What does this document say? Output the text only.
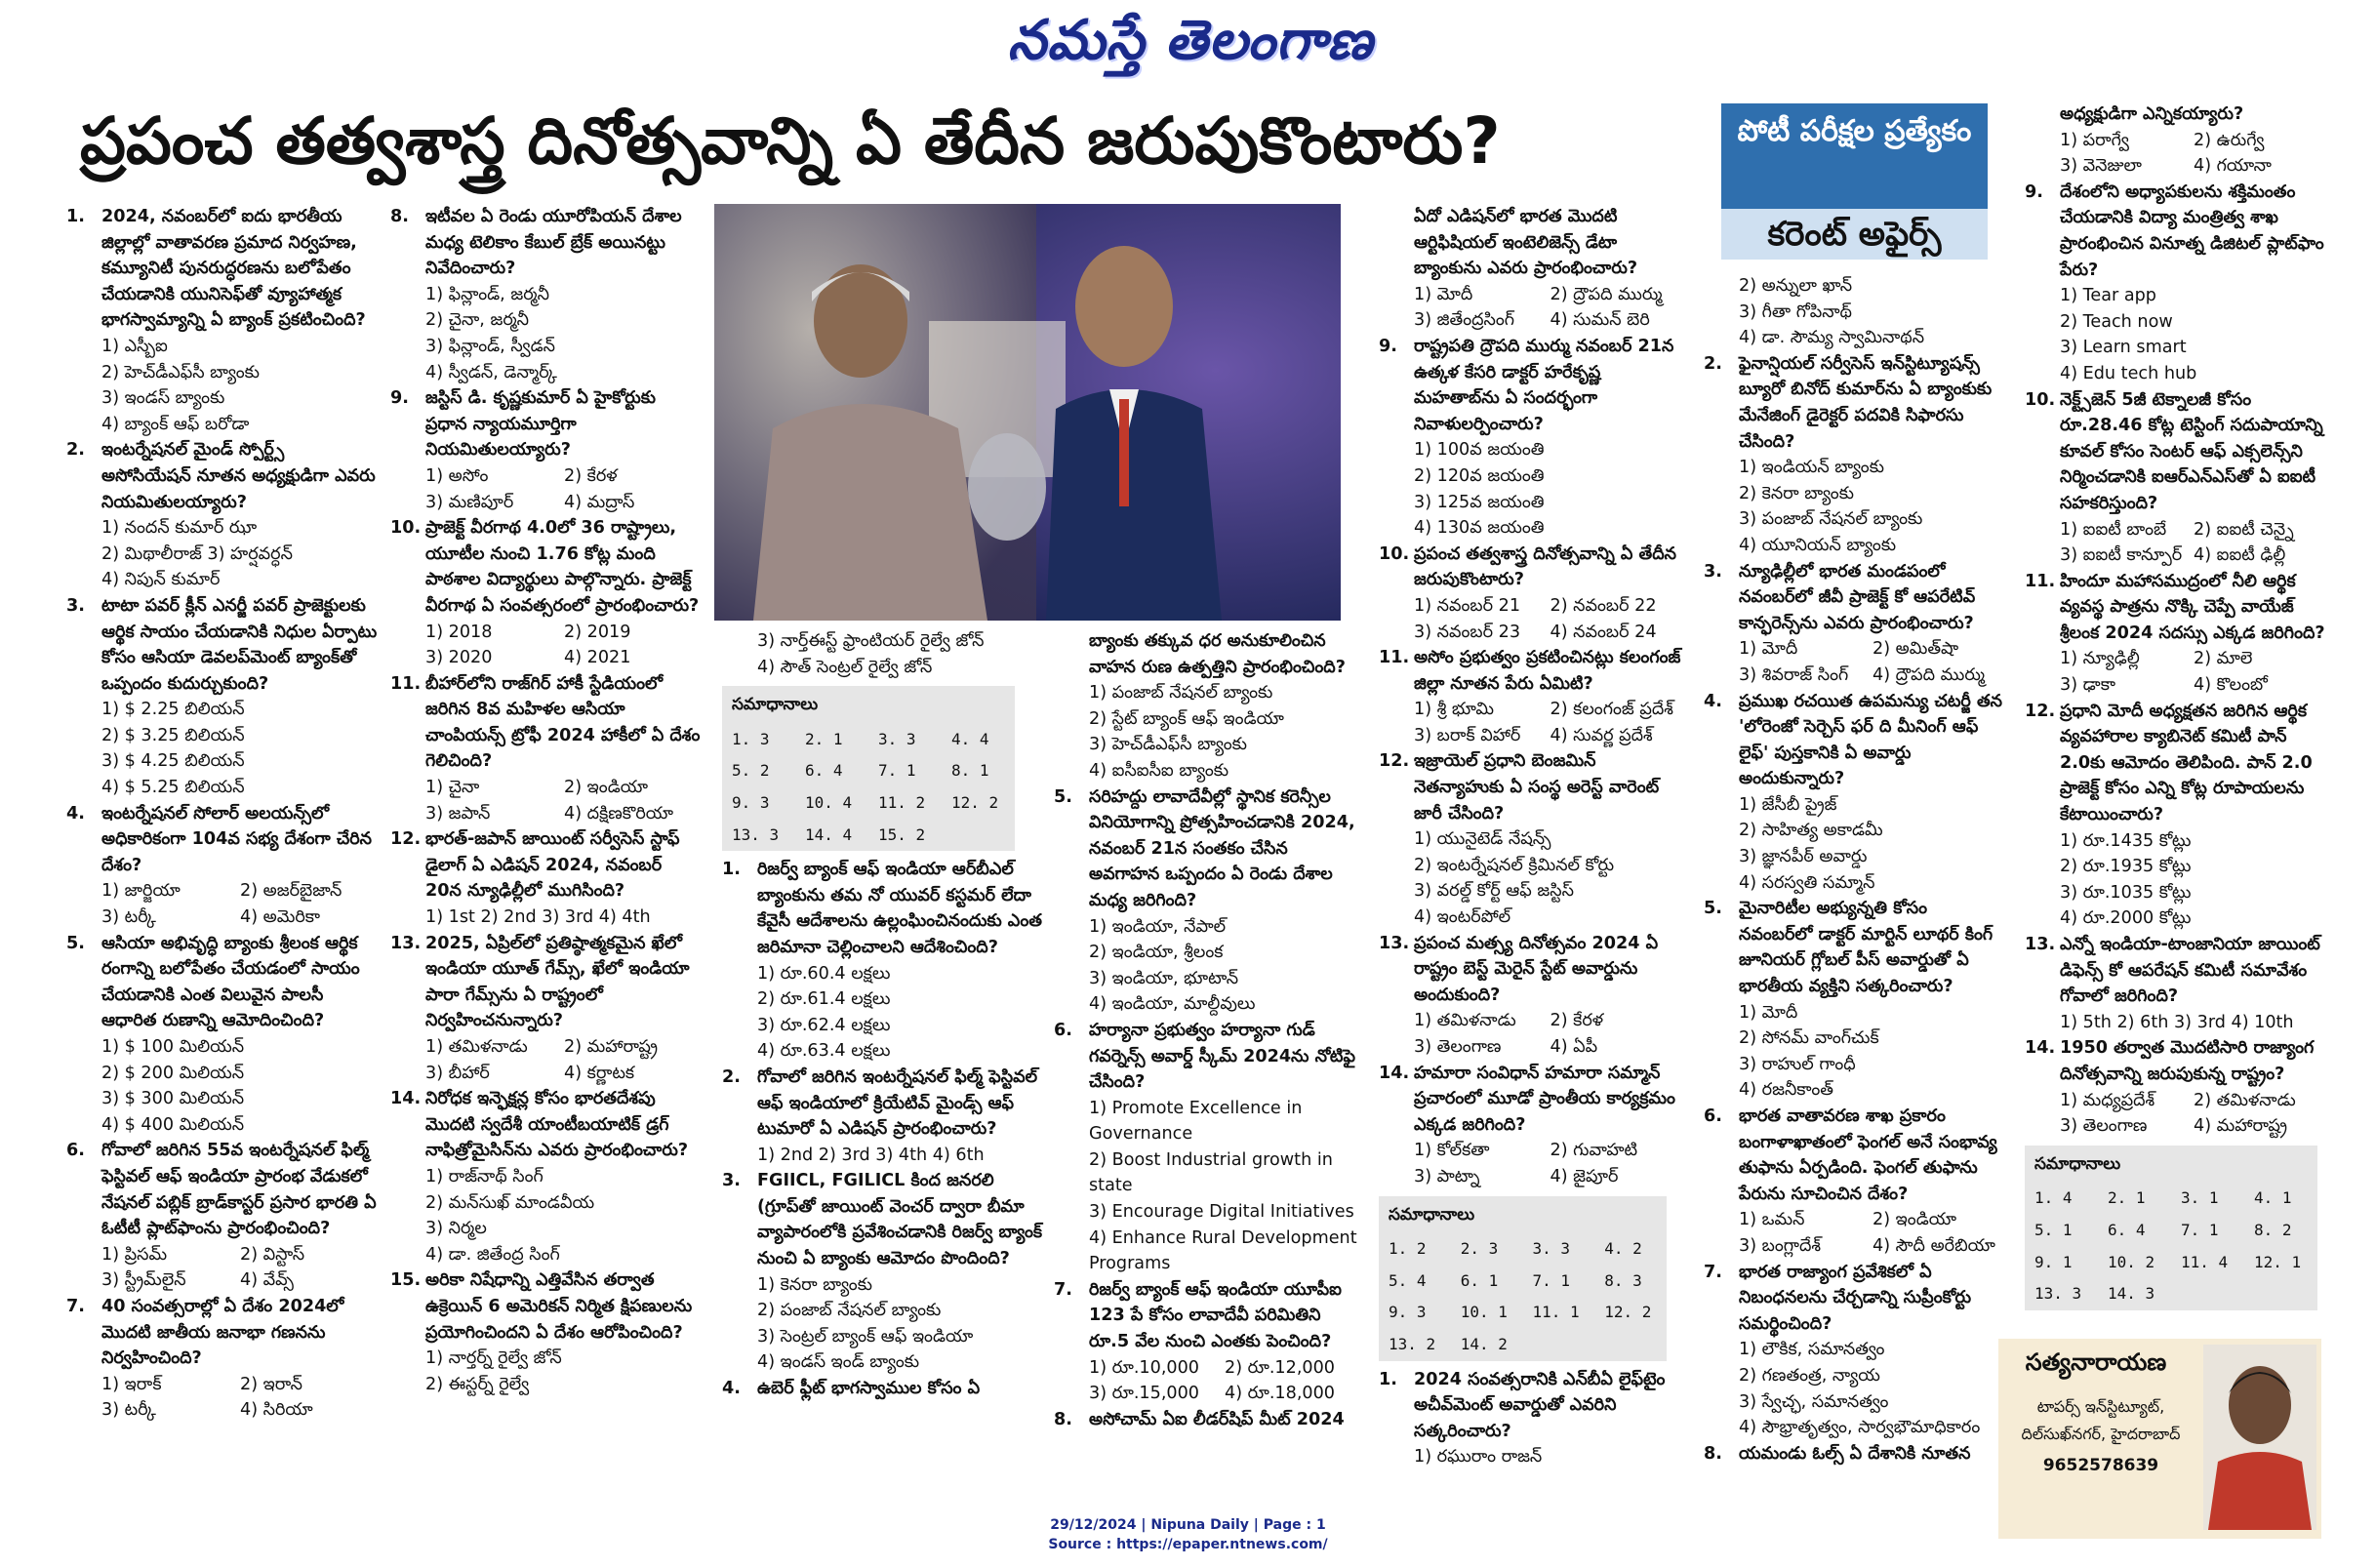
నమస్తే తెలంగాణ
ప్రపంచ తత్వశాస్త్ర దినోత్సవాన్ని ఏ తేదీన జరుపుకొంటారు?	పోటీ పరీక్షల ప్రత్యేకం
కరెంట్ అఫైర్స్
1. 2024, నవంబర్‌లో ఐదు భారతీయ జిల్లాల్లో వాతావరణ ప్రమాద నిర్వహణ, కమ్యూనిటీ పునరుద్ధరణను బలోపేతం చేయడానికి యునిసెఫ్‌తో వ్యూహాత్మక భాగస్వామ్యాన్ని ఏ బ్యాంక్ ప్రకటించింది?
1) ఎస్బీఐ
2) హెచ్‌డీఎఫ్‌సీ బ్యాంకు
3) ఇండస్ బ్యాంకు
4) బ్యాంక్ ఆఫ్ బరోడా
2. ఇంటర్నేషనల్ మైండ్ స్పోర్ట్స్ అసోసియేషన్ నూతన అధ్యక్షుడిగా ఎవరు నియమితులయ్యారు?
1) నందన్ కుమార్ ఝా
2) మిథాలీరాజ్ 3) హర్షవర్ధన్
4) నిపున్ కుమార్
3. టాటా పవర్ క్లీన్ ఎనర్జీ పవర్ ప్రాజెక్టులకు ఆర్థిక సాయం చేయడానికి నిధుల ఏర్పాటు కోసం ఆసియా డెవలప్‌మెంట్ బ్యాంక్‌తో ఒప్పందం కుదుర్చుకుంది?
1) $ 2.25 బిలియన్
2) $ 3.25 బిలియన్
3) $ 4.25 బిలియన్
4) $ 5.25 బిలియన్
4. ఇంటర్నేషనల్ సోలార్ అలయన్స్‌లో అధికారికంగా 104వ సభ్య దేశంగా చేరిన దేశం?
1) జార్జియా	2) అజర్‌బైజాన్
3) టర్కీ	4) అమెరికా
5. ఆసియా అభివృద్ధి బ్యాంకు శ్రీలంక ఆర్థిక రంగాన్ని బలోపేతం చేయడంలో సాయం చేయడానికి ఎంత విలువైన పాలసీ ఆధారిత రుణాన్ని ఆమోదించింది?
1) $ 100 మిలియన్
2) $ 200 మిలియన్
3) $ 300 మిలియన్
4) $ 400 మిలియన్
6. గోవాలో జరిగిన 55వ ఇంటర్నేషనల్ ఫిల్మ్ ఫెస్టివల్ ఆఫ్ ఇండియా ప్రారంభ వేడుకలో నేషనల్ పబ్లిక్ బ్రాడ్‌కాస్టర్ ప్రసార భారతి ఏ ఓటీటీ ప్లాట్‌ఫాంను ప్రారంభించింది?
1) ప్రిసమ్	2) విస్టాస్
3) స్ట్రీమ్‌లైన్	4) వేవ్స్
7. 40 సంవత్సరాల్లో ఏ దేశం 2024లో మొదటి జాతీయ జనాభా గణనను నిర్వహించింది?
1) ఇరాక్	2) ఇరాన్
3) టర్కీ	4) సిరియా
8. ఇటీవల ఏ రెండు యూరోపియన్ దేశాల మధ్య టెలికాం కేబుల్ బ్రేక్ అయినట్టు నివేదించారు?
1) ఫిన్లాండ్, జర్మనీ
2) చైనా, జర్మనీ
3) ఫిన్లాండ్, స్వీడన్
4) స్వీడన్, డెన్మార్క్
9. జస్టిస్ డి. కృష్ణకుమార్ ఏ హైకోర్టుకు ప్రధాన న్యాయమూర్తిగా నియమితులయ్యారు?
1) అసోం	2) కేరళ
3) మణిపూర్	4) మద్రాస్
10. ప్రాజెక్ట్ వీరగాథ 4.0లో 36 రాష్ట్రాలు, యూటీల నుంచి 1.76 కోట్ల మంది పాఠశాల విద్యార్థులు పాల్గొన్నారు. ప్రాజెక్ట్ వీరగాథ ఏ సంవత్సరంలో ప్రారంభించారు?
1) 2018	2) 2019
3) 2020	4) 2021
11. బీహార్‌లోని రాజ్‌గిర్ హాకీ స్టేడియంలో జరిగిన 8వ మహిళల ఆసియా చాంపియన్స్ ట్రోఫీ 2024 హాకీలో ఏ దేశం గెలిచింది?
1) చైనా	2) ఇండియా
3) జపాన్	4) దక్షిణకొరియా
12. భారత్-జపాన్ జాయింట్ సర్వీసెస్ స్టాఫ్ డైలాగ్ ఏ ఎడిషన్ 2024, నవంబర్ 20న న్యూఢిల్లీలో ముగిసింది?
1) 1st 2) 2nd 3) 3rd 4) 4th
13. 2025, ఏప్రిల్‌లో ప్రతిష్ఠాత్మకమైన ఖేలో ఇండియా యూత్ గేమ్స్, ఖేలో ఇండియా పారా గేమ్స్‌ను ఏ రాష్ట్రంలో నిర్వహించనున్నారు?
1) తమిళనాడు	2) మహారాష్ట్ర
3) బీహార్	4) కర్ణాటక
14. నిరోధక ఇన్ఫెక్షన్ల కోసం భారతదేశపు మొదటి స్వదేశీ యాంటీబయాటిక్ డ్రగ్ నాఫిత్రోమైసిన్‌ను ఎవరు ప్రారంభించారు?
1) రాజ్‌నాథ్ సింగ్
2) మన్‌సుఖ్ మాండవీయ
3) నిర్మల
4) డా. జితేంద్ర సింగ్
15. అరికా నిషేధాన్ని ఎత్తివేసిన తర్వాత ఉక్రెయిన్ 6 అమెరికన్ నిర్మిత క్షిపణులను ప్రయోగించిందని ఏ దేశం ఆరోపించింది?
1) నార్తర్న్ రైల్వే జోన్
2) ఈస్టర్న్ రైల్వే
3) నార్త్‌ఈస్ట్ ఫ్రాంటియర్ రైల్వే జోన్
4) సౌత్ సెంట్రల్ రైల్వే జోన్
సమాధానాలు
1. 3	2. 1	3. 3	4. 4
5. 2	6. 4	7. 1	8. 1
9. 3	10. 4	11. 2	12. 2
13. 3	14. 4	15. 2	
1. రిజర్వ్ బ్యాంక్ ఆఫ్ ఇండియా ఆర్‌బీఎల్ బ్యాంకును తమ నో యువర్ కస్టమర్ లేదా కేవైసీ ఆదేశాలను ఉల్లంఘించినందుకు ఎంత జరిమానా చెల్లించాలని ఆదేశించింది?
1) రూ.60.4 లక్షలు
2) రూ.61.4 లక్షలు
3) రూ.62.4 లక్షలు
4) రూ.63.4 లక్షలు
2. గోవాలో జరిగిన ఇంటర్నేషనల్ ఫిల్మ్ ఫెస్టివల్ ఆఫ్ ఇండియాలో క్రియేటివ్ మైండ్స్ ఆఫ్ టుమారో ఏ ఎడిషన్ ప్రారంభించారు?
1) 2nd 2) 3rd 3) 4th 4) 6th
3. FGIICL, FGILICL కింద జనరలి (గ్రూప్‌తో జాయింట్ వెంచర్ ద్వారా బీమా వ్యాపారంలోకి ప్రవేశించడానికి రిజర్వ్ బ్యాంక్ నుంచి ఏ బ్యాంకు ఆమోదం పొందింది?
1) కెనరా బ్యాంకు
2) పంజాబ్ నేషనల్ బ్యాంకు
3) సెంట్రల్ బ్యాంక్ ఆఫ్ ఇండియా
4) ఇండస్ ఇండ్ బ్యాంకు
4. ఉబెర్ ఫ్లీట్ భాగస్వాముల కోసం ఏ
బ్యాంకు తక్కువ ధర అనుకూలించిన వాహన రుణ ఉత్పత్తిని ప్రారంభించింది?
1) పంజాబ్ నేషనల్ బ్యాంకు
2) స్టేట్ బ్యాంక్ ఆఫ్ ఇండియా
3) హెచ్‌డీఎఫ్‌సీ బ్యాంకు
4) ఐసీఐసీఐ బ్యాంకు
5. సరిహద్దు లావాదేవీల్లో స్థానిక కరెన్సీల వినియోగాన్ని ప్రోత్సహించడానికి 2024, నవంబర్ 21న సంతకం చేసిన అవగాహన ఒప్పందం ఏ రెండు దేశాల మధ్య జరిగింది?
1) ఇండియా, నేపాల్
2) ఇండియా, శ్రీలంక
3) ఇండియా, భూటాన్
4) ఇండియా, మాల్దీవులు
6. హర్యానా ప్రభుత్వం హర్యానా గుడ్ గవర్నెన్స్ అవార్డ్ స్కీమ్ 2024ను నోటిఫై చేసింది?
1) Promote Excellence in Governance
2) Boost Industrial growth in state
3) Encourage Digital Initiatives
4) Enhance Rural Development Programs
7. రిజర్వ్ బ్యాంక్ ఆఫ్ ఇండియా యూపీఐ 123 పే కోసం లావాదేవీ పరిమితిని రూ.5 వేల నుంచి ఎంతకు పెంచింది?
1) రూ.10,000	2) రూ.12,000
3) రూ.15,000	4) రూ.18,000
8. అసోచామ్ ఏఐ లీడర్‌షిప్ మీట్ 2024
ఏదో ఎడిషన్‌లో భారత మొదటి ఆర్టిఫిషియల్ ఇంటెలిజెన్స్ డేటా బ్యాంకును ఎవరు ప్రారంభించారు?
1) మోదీ	2) ద్రౌపది ముర్ము
3) జితేంద్రసింగ్	4) సుమన్ బెరి
9. రాష్ట్రపతి ద్రౌపది ముర్ము నవంబర్ 21న ఉత్కళ కేసరి డాక్టర్ హరేకృష్ణ మహతాబ్‌ను ఏ సందర్భంగా నివాళులర్పించారు?
1) 100వ జయంతి
2) 120వ జయంతి
3) 125వ జయంతి
4) 130వ జయంతి
10. ప్రపంచ తత్వశాస్త్ర దినోత్సవాన్ని ఏ తేదీన జరుపుకొంటారు?
1) నవంబర్ 21	2) నవంబర్ 22
3) నవంబర్ 23	4) నవంబర్ 24
11. అసోం ప్రభుత్వం ప్రకటించినట్లు కలంగంజ్ జిల్లా నూతన పేరు ఏమిటి?
1) శ్రీ భూమి	2) కలంగంజ్ ప్రదేశ్
3) బరాక్ విహార్	4) సువర్ణ ప్రదేశ్
12. ఇజ్రాయెల్ ప్రధాని బెంజమిన్ నెతన్యాహుకు ఏ సంస్థ అరెస్ట్ వారెంట్ జారీ చేసింది?
1) యునైటెడ్ నేషన్స్
2) ఇంటర్నేషనల్ క్రిమినల్ కోర్టు
3) వరల్డ్ కోర్ట్ ఆఫ్ జస్టిస్
4) ఇంటర్‌పోల్
13. ప్రపంచ మత్స్య దినోత్సవం 2024 ఏ రాష్ట్రం బెస్ట్ మెరైన్ స్టేట్ అవార్డును అందుకుంది?
1) తమిళనాడు	2) కేరళ
3) తెలంగాణ	4) ఏపీ
14. హమారా సంవిధాన్ హమారా సమ్మాన్ ప్రచారంలో మూడో ప్రాంతీయ కార్యక్రమం ఎక్కడ జరిగింది?
1) కోల్‌కతా	2) గువాహటి
3) పాట్నా	4) జైపూర్
సమాధానాలు
1. 2	2. 3	3. 3	4. 2
5. 4	6. 1	7. 1	8. 3
9. 3	10. 1	11. 1	12. 2
13. 2	14. 2		
1. 2024 సంవత్సరానికి ఎన్‌బీఏ లైఫ్‌టైం అచీవ్‌మెంట్ అవార్డుతో ఎవరిని సత్కరించారు?
1) రఘురాం రాజన్
2) అన్నులా ఖాన్
3) గీతా గోపినాథ్
4) డా. సౌమ్య స్వామినాథన్
2. ఫైనాన్షియల్ సర్వీసెస్ ఇన్‌స్టిట్యూషన్స్ బ్యూరో బినోద్ కుమార్‌ను ఏ బ్యాంకుకు మేనేజింగ్ డైరెక్టర్ పదవికి సిఫారసు చేసింది?
1) ఇండియన్ బ్యాంకు
2) కెనరా బ్యాంకు
3) పంజాబ్ నేషనల్ బ్యాంకు
4) యూనియన్ బ్యాంకు
3. న్యూఢిల్లీలో భారత మండపంలో నవంబర్‌లో జీవీ ప్రాజెక్ట్ కో ఆపరేటివ్ కాన్ఫరెన్స్‌ను ఎవరు ప్రారంభించారు?
1) మోదీ	2) అమిత్‌షా
3) శివరాజ్ సింగ్	4) ద్రౌపది ముర్ము
4. ప్రముఖ రచయిత ఉపమన్యు చటర్జీ తన 'లోరెంజో సెర్చెస్ ఫర్ ది మీనింగ్ ఆఫ్ లైఫ్' పుస్తకానికి ఏ అవార్డు అందుకున్నారు?
1) జేసీబీ ప్రైజ్
2) సాహిత్య అకాడమీ
3) జ్ఞానపీఠ్ అవార్డు
4) సరస్వతి సమ్మాన్
5. మైనారిటీల అభ్యున్నతి కోసం నవంబర్‌లో డాక్టర్ మార్టిన్ లూథర్ కింగ్ జూనియర్ గ్లోబల్ పీస్ అవార్డుతో ఏ భారతీయ వ్యక్తిని సత్కరించారు?
1) మోదీ
2) సోనమ్ వాంగ్‌చుక్
3) రాహుల్ గాంధీ
4) రజనీకాంత్
6. భారత వాతావరణ శాఖ ప్రకారం బంగాళాఖాతంలో ఫెంగల్ అనే సంభావ్య తుఫాను ఏర్పడింది. ఫెంగల్ తుఫాను పేరును సూచించిన దేశం?
1) ఒమన్	2) ఇండియా
3) బంగ్లాదేశ్	4) సౌదీ అరేబియా
7. భారత రాజ్యాంగ ప్రవేశికలో ఏ నిబంధనలను చేర్చడాన్ని సుప్రీంకోర్టు సమర్థించింది?
1) లౌకిక, సమానత్వం
2) గణతంత్ర, న్యాయ
3) స్వేచ్ఛ, సమానత్వం
4) సౌభ్రాతృత్వం, సార్వభౌమాధికారం
8. యమండు ఓల్స్ ఏ దేశానికి నూతన
అధ్యక్షుడిగా ఎన్నికయ్యారు?
1) పరాగ్వే	2) ఉరుగ్వే
3) వెనెజులా	4) గయానా
9. దేశంలోని అధ్యాపకులను శక్తిమంతం చేయడానికి విద్యా మంత్రిత్వ శాఖ ప్రారంభించిన వినూత్న డిజిటల్ ప్లాట్‌ఫాం పేరు?
1) Tear app
2) Teach now
3) Learn smart
4) Edu tech hub
10. నెక్ట్స్‌జెన్ 5జీ టెక్నాలజీ కోసం రూ.28.46 కోట్ల టెస్టింగ్ సదుపాయాన్ని కూవల్ కోసం సెంటర్ ఆఫ్ ఎక్సలెన్స్‌ని నిర్మించడానికి ఐఆర్‌ఎన్‌ఎస్‌తో ఏ ఐఐటీ సహకరిస్తుంది?
1) ఐఐటీ బాంబే	2) ఐఐటీ చెన్నై
3) ఐఐటీ కాన్పూర్ 4) ఐఐటీ ఢిల్లీ
11. హిందూ మహాసముద్రంలో నీలి ఆర్థిక వ్యవస్థ పాత్రను నొక్కి చెప్పే వాయేజ్ శ్రీలంక 2024 సదస్సు ఎక్కడ జరిగింది?
1) న్యూఢిల్లీ	2) మాలె
3) ఢాకా	4) కొలంబో
12. ప్రధాని మోదీ అధ్యక్షతన జరిగిన ఆర్థిక వ్యవహారాల క్యాబినెట్ కమిటీ పాన్ 2.0కు ఆమోదం తెలిపింది. పాన్ 2.0 ప్రాజెక్ట్ కోసం ఎన్ని కోట్ల రూపాయలను కేటాయించారు?
1) రూ.1435 కోట్లు
2) రూ.1935 కోట్లు
3) రూ.1035 కోట్లు
4) రూ.2000 కోట్లు
13. ఎన్నో ఇండియా-టాంజానియా జాయింట్ డిఫెన్స్ కో ఆపరేషన్ కమిటీ సమావేశం గోవాలో జరిగింది?
1) 5th 2) 6th 3) 3rd 4) 10th
14. 1950 తర్వాత మొదటిసారి రాజ్యాంగ దినోత్సవాన్ని జరుపుకున్న రాష్ట్రం?
1) మధ్యప్రదేశ్	2) తమిళనాడు
3) తెలంగాణ	4) మహారాష్ట్ర
సమాధానాలు
1. 4	2. 1	3. 1	4. 1
5. 1	6. 4	7. 1	8. 2
9. 1	10. 2	11. 4	12. 1
13. 3	14. 3		
సత్యనారాయణ
టాపర్స్ ఇన్‌స్టిట్యూట్,
దిల్‌సుఖ్‌నగర్, హైదరాబాద్
9652578639
29/12/2024 | Nipuna Daily | Page : 1
Source : https://epaper.ntnews.com/
